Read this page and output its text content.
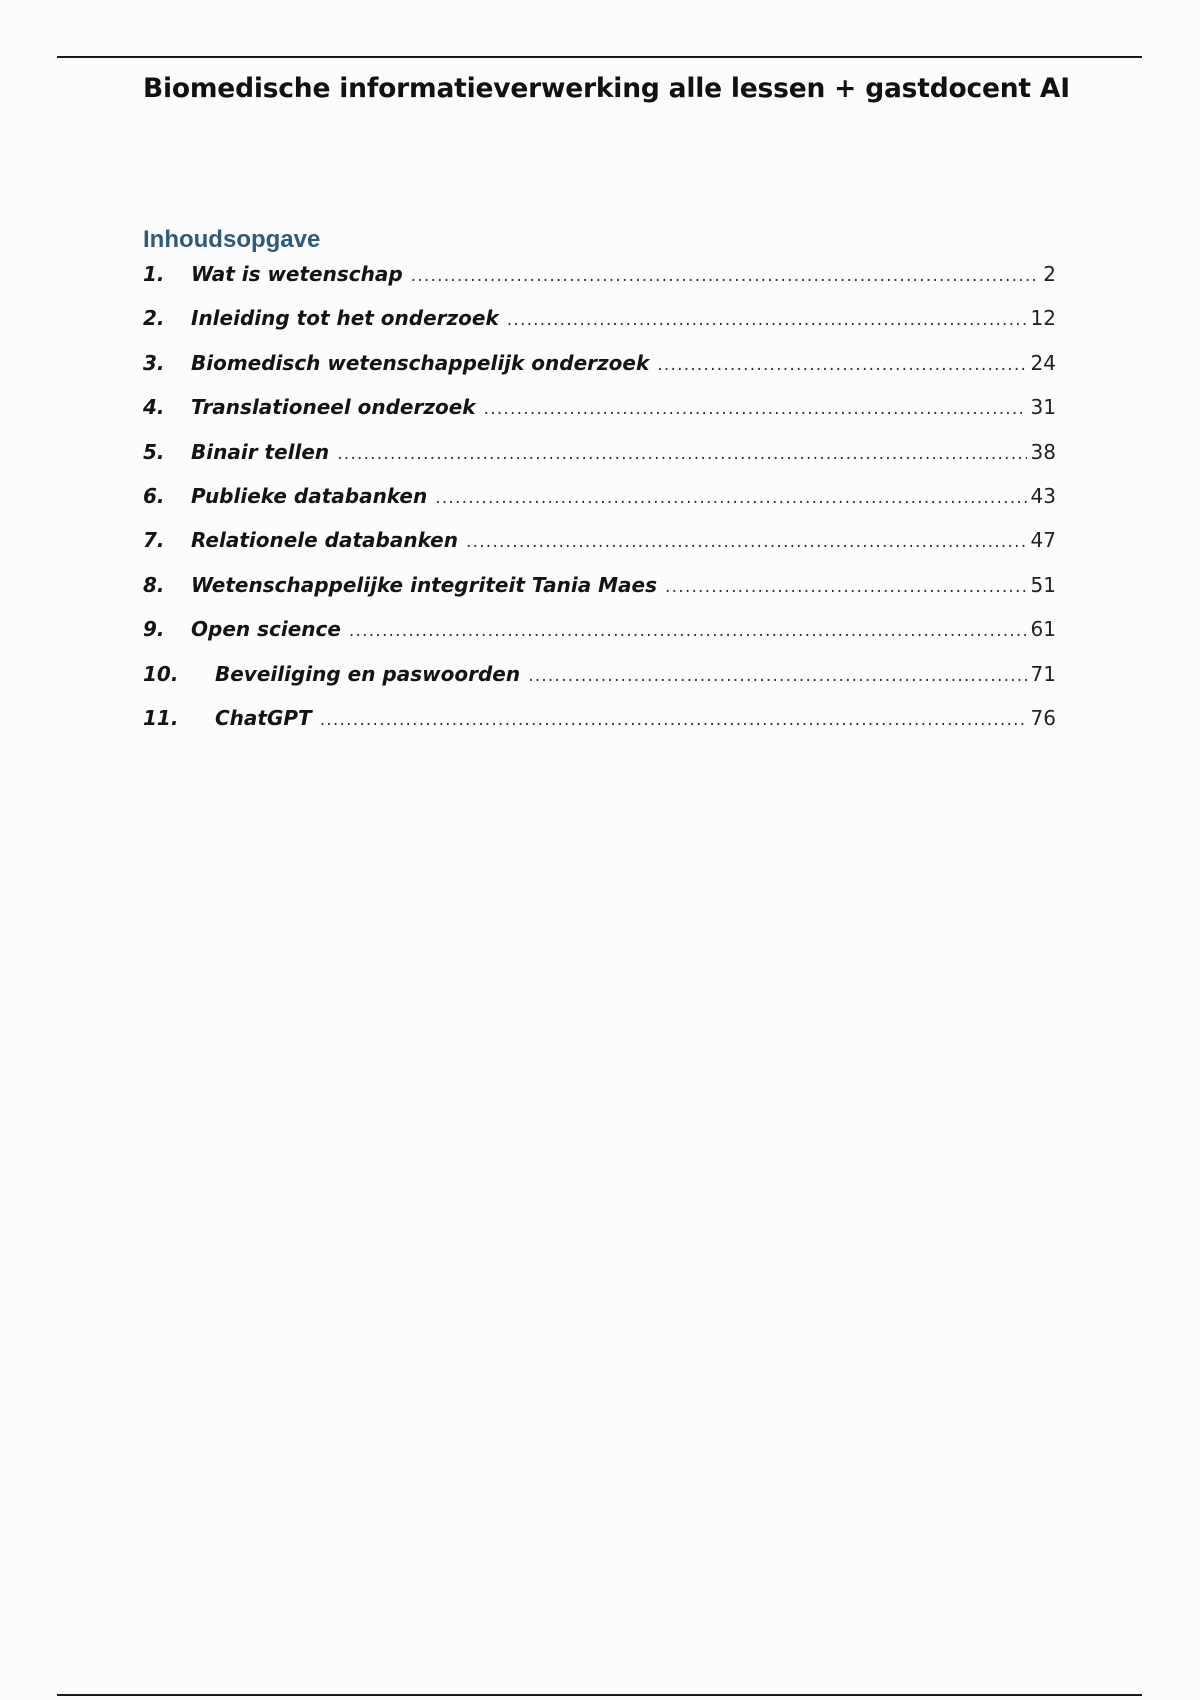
Biomedische informatieverwerking alle lessen + gastdocent AI
Inhoudsopgave
1.	Wat is wetenschap .....	2
2.	Inleiding tot het onderzoek .....	12
3.	Biomedisch wetenschappelijk onderzoek .....	24
4.	Translationeel onderzoek .....	31
5.	Binair tellen .....	38
6.	Publieke databanken .....	43
7.	Relationele databanken .....	47
8.	Wetenschappelijke integriteit Tania Maes .....	51
9.	Open science .....	61
10.	Beveiliging en paswoorden .....	71
11.	ChatGPT .....	76
